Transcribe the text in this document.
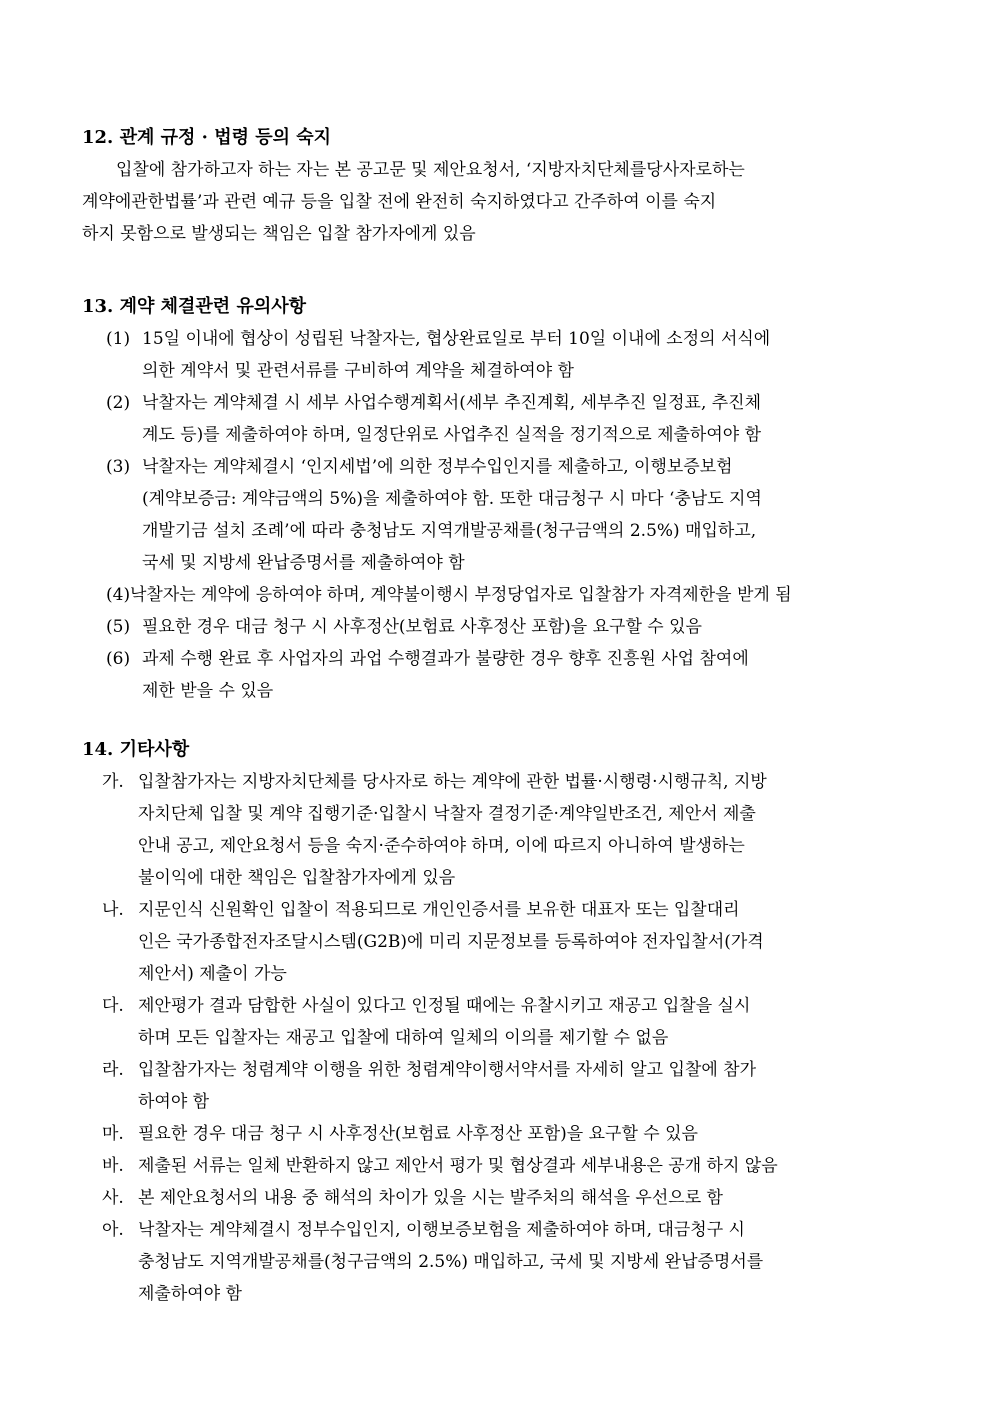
12. 관계 규정 · 법령 등의 숙지
입찰에 참가하고자 하는 자는 본 공고문 및 제안요청서, ‘지방자치단체를당사자로하는
계약에관한법률’과 관련 예규 등을 입찰 전에 완전히 숙지하였다고 간주하여 이를 숙지
하지 못함으로 발생되는 책임은 입찰 참가자에게 있음
13. 계약 체결관련 유의사항
(1) 15일 이내에 협상이 성립된 낙찰자는, 협상완료일로 부터 10일 이내에 소정의 서식에
의한 계약서 및 관련서류를 구비하여 계약을 체결하여야 함
(2) 낙찰자는 계약체결 시 세부 사업수행계획서(세부 추진계획, 세부추진 일정표, 추진체
계도 등)를 제출하여야 하며, 일정단위로 사업추진 실적을 정기적으로 제출하여야 함
(3) 낙찰자는 계약체결시 ‘인지세법’에 의한 정부수입인지를 제출하고, 이행보증보험
(계약보증금: 계약금액의 5%)을 제출하여야 함. 또한 대금청구 시 마다 ‘충남도 지역
개발기금 설치 조례’에 따라 충청남도 지역개발공채를(청구금액의 2.5%) 매입하고,
국세 및 지방세 완납증명서를 제출하여야 함
(4) 낙찰자는 계약에 응하여야 하며, 계약불이행시 부정당업자로 입찰참가 자격제한을 받게 됨
(5) 필요한 경우 대금 청구 시 사후정산(보험료 사후정산 포함)을 요구할 수 있음
(6) 과제 수행 완료 후 사업자의 과업 수행결과가 불량한 경우 향후 진흥원 사업 참여에
제한 받을 수 있음
14. 기타사항
가. 입찰참가자는 지방자치단체를 당사자로 하는 계약에 관한 법률·시행령·시행규칙, 지방
자치단체 입찰 및 계약 집행기준·입찰시 낙찰자 결정기준·계약일반조건, 제안서 제출
안내 공고, 제안요청서 등을 숙지·준수하여야 하며, 이에 따르지 아니하여 발생하는
불이익에 대한 책임은 입찰참가자에게 있음
나. 지문인식 신원확인 입찰이 적용되므로 개인인증서를 보유한 대표자 또는 입찰대리
인은 국가종합전자조달시스템(G2B)에 미리 지문정보를 등록하여야 전자입찰서(가격
제안서) 제출이 가능
다. 제안평가 결과 담합한 사실이 있다고 인정될 때에는 유찰시키고 재공고 입찰을 실시
하며 모든 입찰자는 재공고 입찰에 대하여 일체의 이의를 제기할 수 없음
라. 입찰참가자는 청렴계약 이행을 위한 청렴계약이행서약서를 자세히 알고 입찰에 참가
하여야 함
마. 필요한 경우 대금 청구 시 사후정산(보험료 사후정산 포함)을 요구할 수 있음
바. 제출된 서류는 일체 반환하지 않고 제안서 평가 및 협상결과 세부내용은 공개 하지 않음
사. 본 제안요청서의 내용 중 해석의 차이가 있을 시는 발주처의 해석을 우선으로 함
아. 낙찰자는 계약체결시 정부수입인지, 이행보증보험을 제출하여야 하며, 대금청구 시
충청남도 지역개발공채를(청구금액의 2.5%) 매입하고, 국세 및 지방세 완납증명서를
제출하여야 함
